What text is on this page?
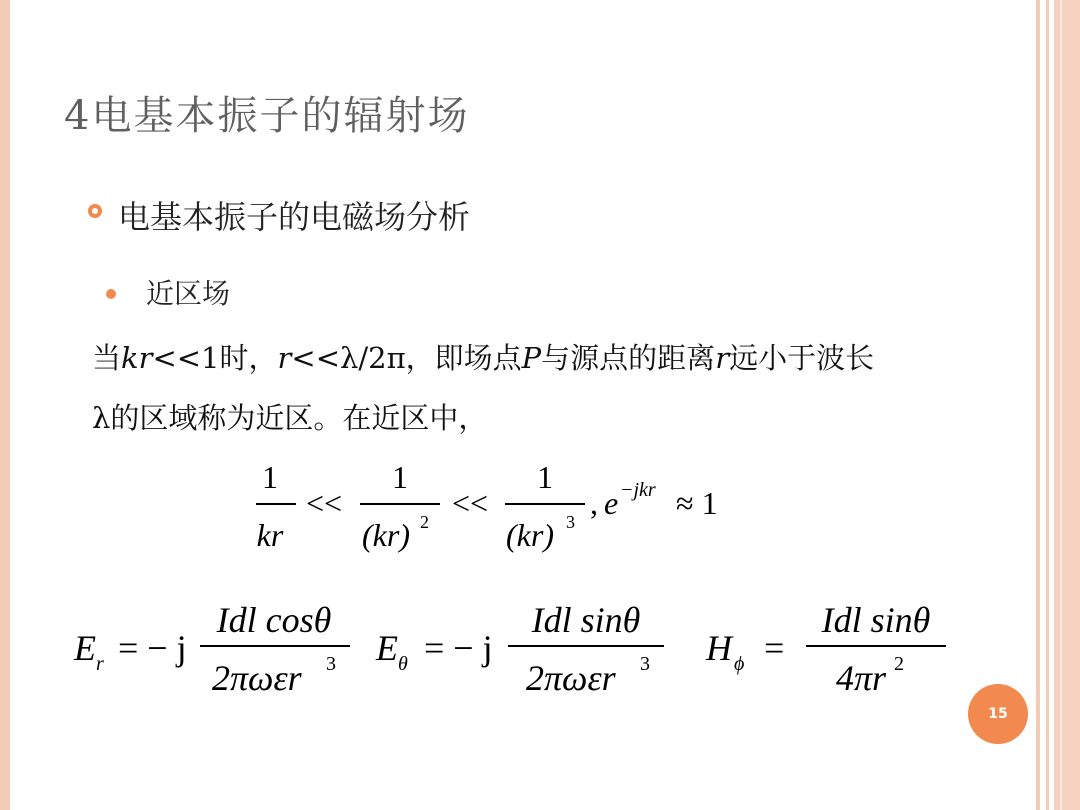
4电基本振子的辐射场
电基本振子的电磁场分析
近区场
当kr<<1时，r<<λ/2π，即场点P与源点的距离r远小于波长
λ的区域称为近区。在近区中，
1
kr
<<
1
(kr) 2
<<
1
(kr) 3
, e −jkr ≈ 1
E r = − j
Idl cosθ
2πωεr 3 E θ = − j
Idl sinθ
2πωεr 3 H ϕ =
Idl sinθ
4πr 2
15
